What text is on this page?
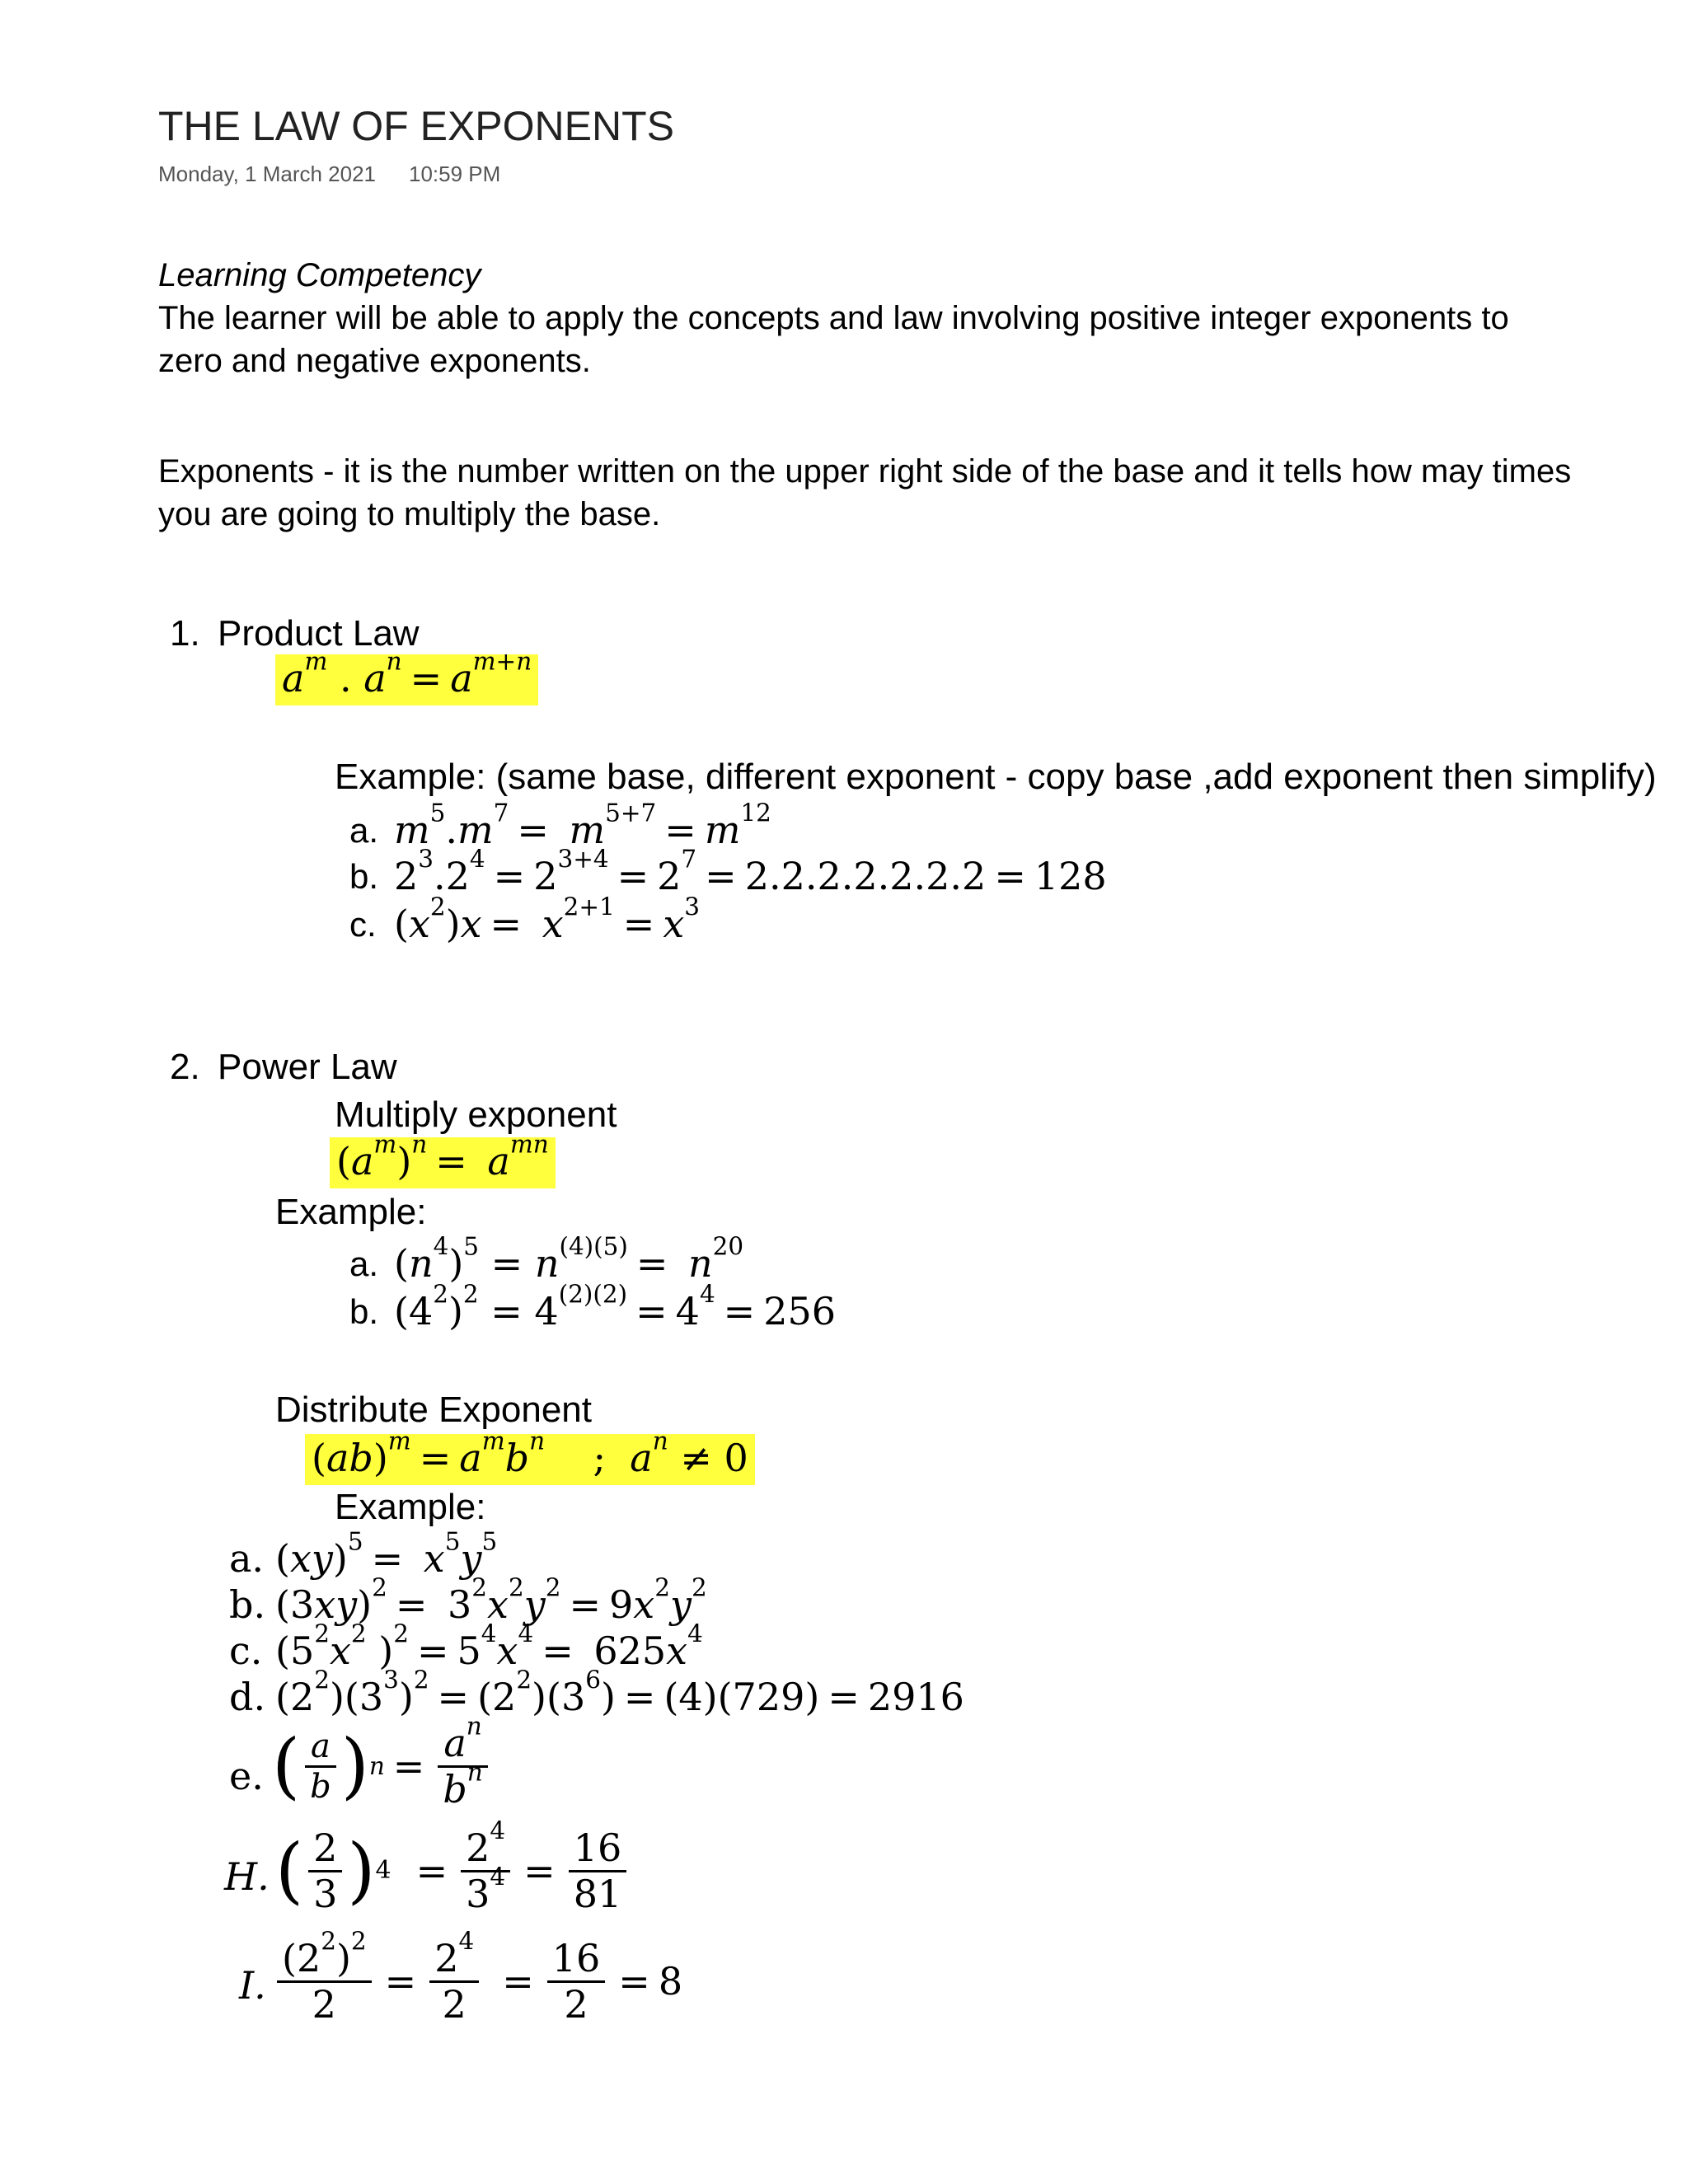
THE LAW OF EXPONENTS
Monday, 1 March 2021 10:59 PM
Learning Competency
The learner will be able to apply the concepts and law involving positive integer exponents to
zero and negative exponents.
Exponents - it is the number written on the upper right side of the base and it tells how may times
you are going to multiply the base.
1. Product Law
$a^m$ . $a^n = a^{m+n}$
Example: (same base, different exponent - copy base ,add exponent then simplify)
a. $m^5.m^7 = m^{5+7} = m^{12}$
b. $2^3.2^4 = 2^{3+4} = 2^7 = 2.2.2.2.2.2.2 = 128$
c. $(x^2)x = x^{2+1} = x^3$
2. Power Law
Multiply exponent
$(a^m)^n = a^{mn}$
Example:
a. $(n^4)^5 = n^{(4)(5)} = n^{20}$
b. $(4^2)^2 = 4^{(2)(2)} = 4^4 = 256$
Distribute Exponent
$(ab)^m = a^mb^n$    ;  $a^n \ne 0$
Example:
a. $(xy)^5 = x^5y^5$
b. $(3xy)^2 = 3^2x^2y^2 = 9x^2y^2$
c. ($5^2x^2$ )$^2 = 5^4x^4 = 625x^4$
d. $(2^2)(3^3)^2 = (2^2)(3^6) = (4)(729) = 2916$
e. ( $\frac{a}{b}$ ) $n = \frac{a^n}{b^n}$
H. ( $\frac{2}{3}$ ) $4 = \frac{2^4}{3^4} = \frac{16}{81}$
I. $\frac{(2^2)^2}{2} = \frac{2^4}{2} = \frac{16}{2} = 8$
